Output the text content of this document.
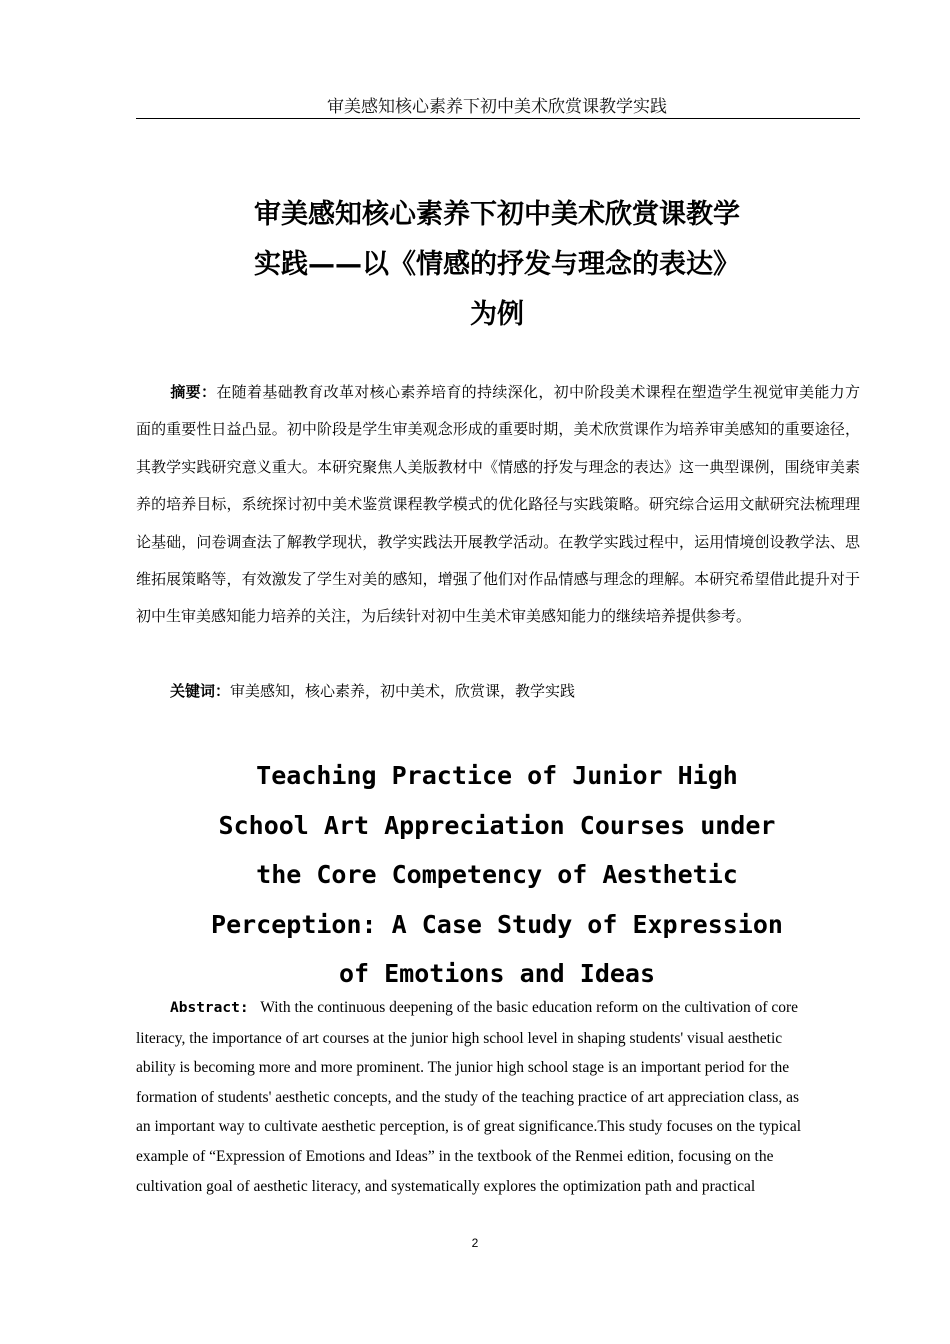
审美感知核心素养下初中美术欣赏课教学实践
审美感知核心素养下初中美术欣赏课教学
实践——以《情感的抒发与理念的表达》
为例
摘要：在随着基础教育改革对核心素养培育的持续深化，初中阶段美术课程在塑造学生视觉审美能力方面的重要性日益凸显。初中阶段是学生审美观念形成的重要时期，美术欣赏课作为培养审美感知的重要途径，其教学实践研究意义重大。本研究聚焦人美版教材中《情感的抒发与理念的表达》这一典型课例，围绕审美素养的培养目标，系统探讨初中美术鉴赏课程教学模式的优化路径与实践策略。研究综合运用文献研究法梳理理论基础，问卷调查法了解教学现状，教学实践法开展教学活动。在教学实践过程中，运用情境创设教学法、思维拓展策略等，有效激发了学生对美的感知，增强了他们对作品情感与理念的理解。本研究希望借此提升对于初中生审美感知能力培养的关注，为后续针对初中生美术审美感知能力的继续培养提供参考。
关键词：审美感知，核心素养，初中美术，欣赏课，教学实践
Teaching Practice of Junior High
School Art Appreciation Courses under
the Core Competency of Aesthetic
Perception: A Case Study of Expression
of Emotions and Ideas
Abstract: With the continuous deepening of the basic education reform on the cultivation of core
literacy, the importance of art courses at the junior high school level in shaping students' visual aesthetic
ability is becoming more and more prominent. The junior high school stage is an important period for the
formation of students' aesthetic concepts, and the study of the teaching practice of art appreciation class, as
an important way to cultivate aesthetic perception, is of great significance.This study focuses on the typical
example of “Expression of Emotions and Ideas” in the textbook of the Renmei edition, focusing on the
cultivation goal of aesthetic literacy, and systematically explores the optimization path and practical
2
